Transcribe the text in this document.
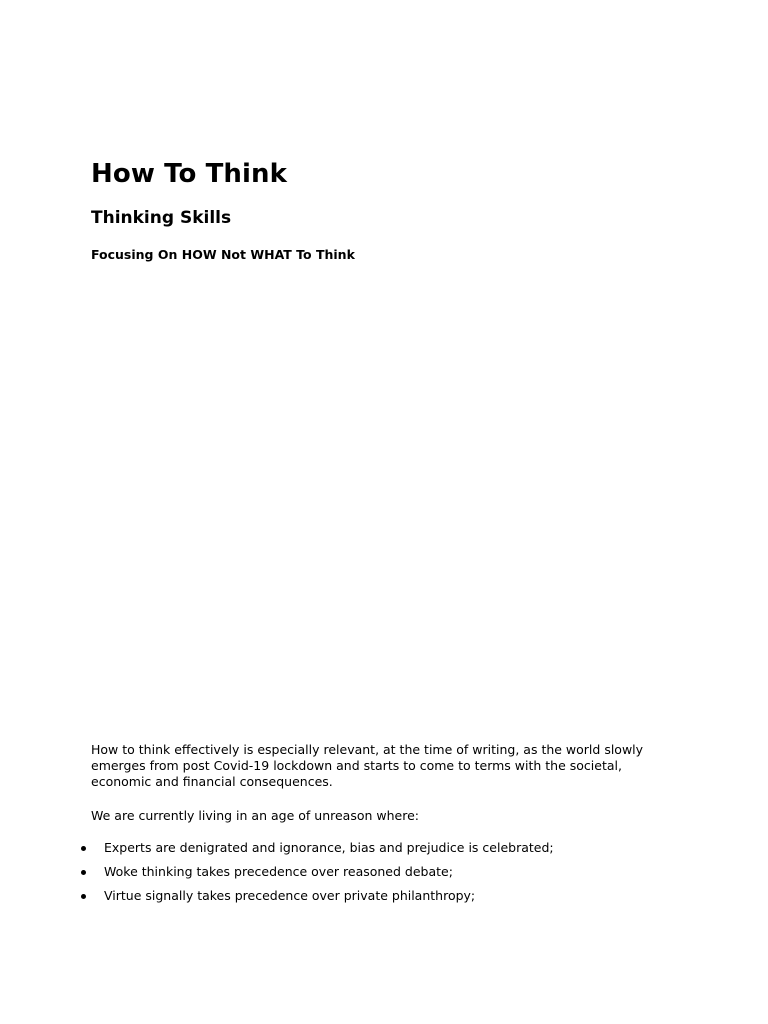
How To Think
Thinking Skills

Focusing On HOW Not WHAT To Think

How to think effectively is especially relevant, at the time of writing, as the world slowly emerges from post Covid-19 lockdown and starts to come to terms with the societal, economic and financial consequences.

We are currently living in an age of unreason where:

Experts are denigrated and ignorance, bias and prejudice is celebrated;
Woke thinking takes precedence over reasoned debate;
Virtue signally takes precedence over private philanthropy;
